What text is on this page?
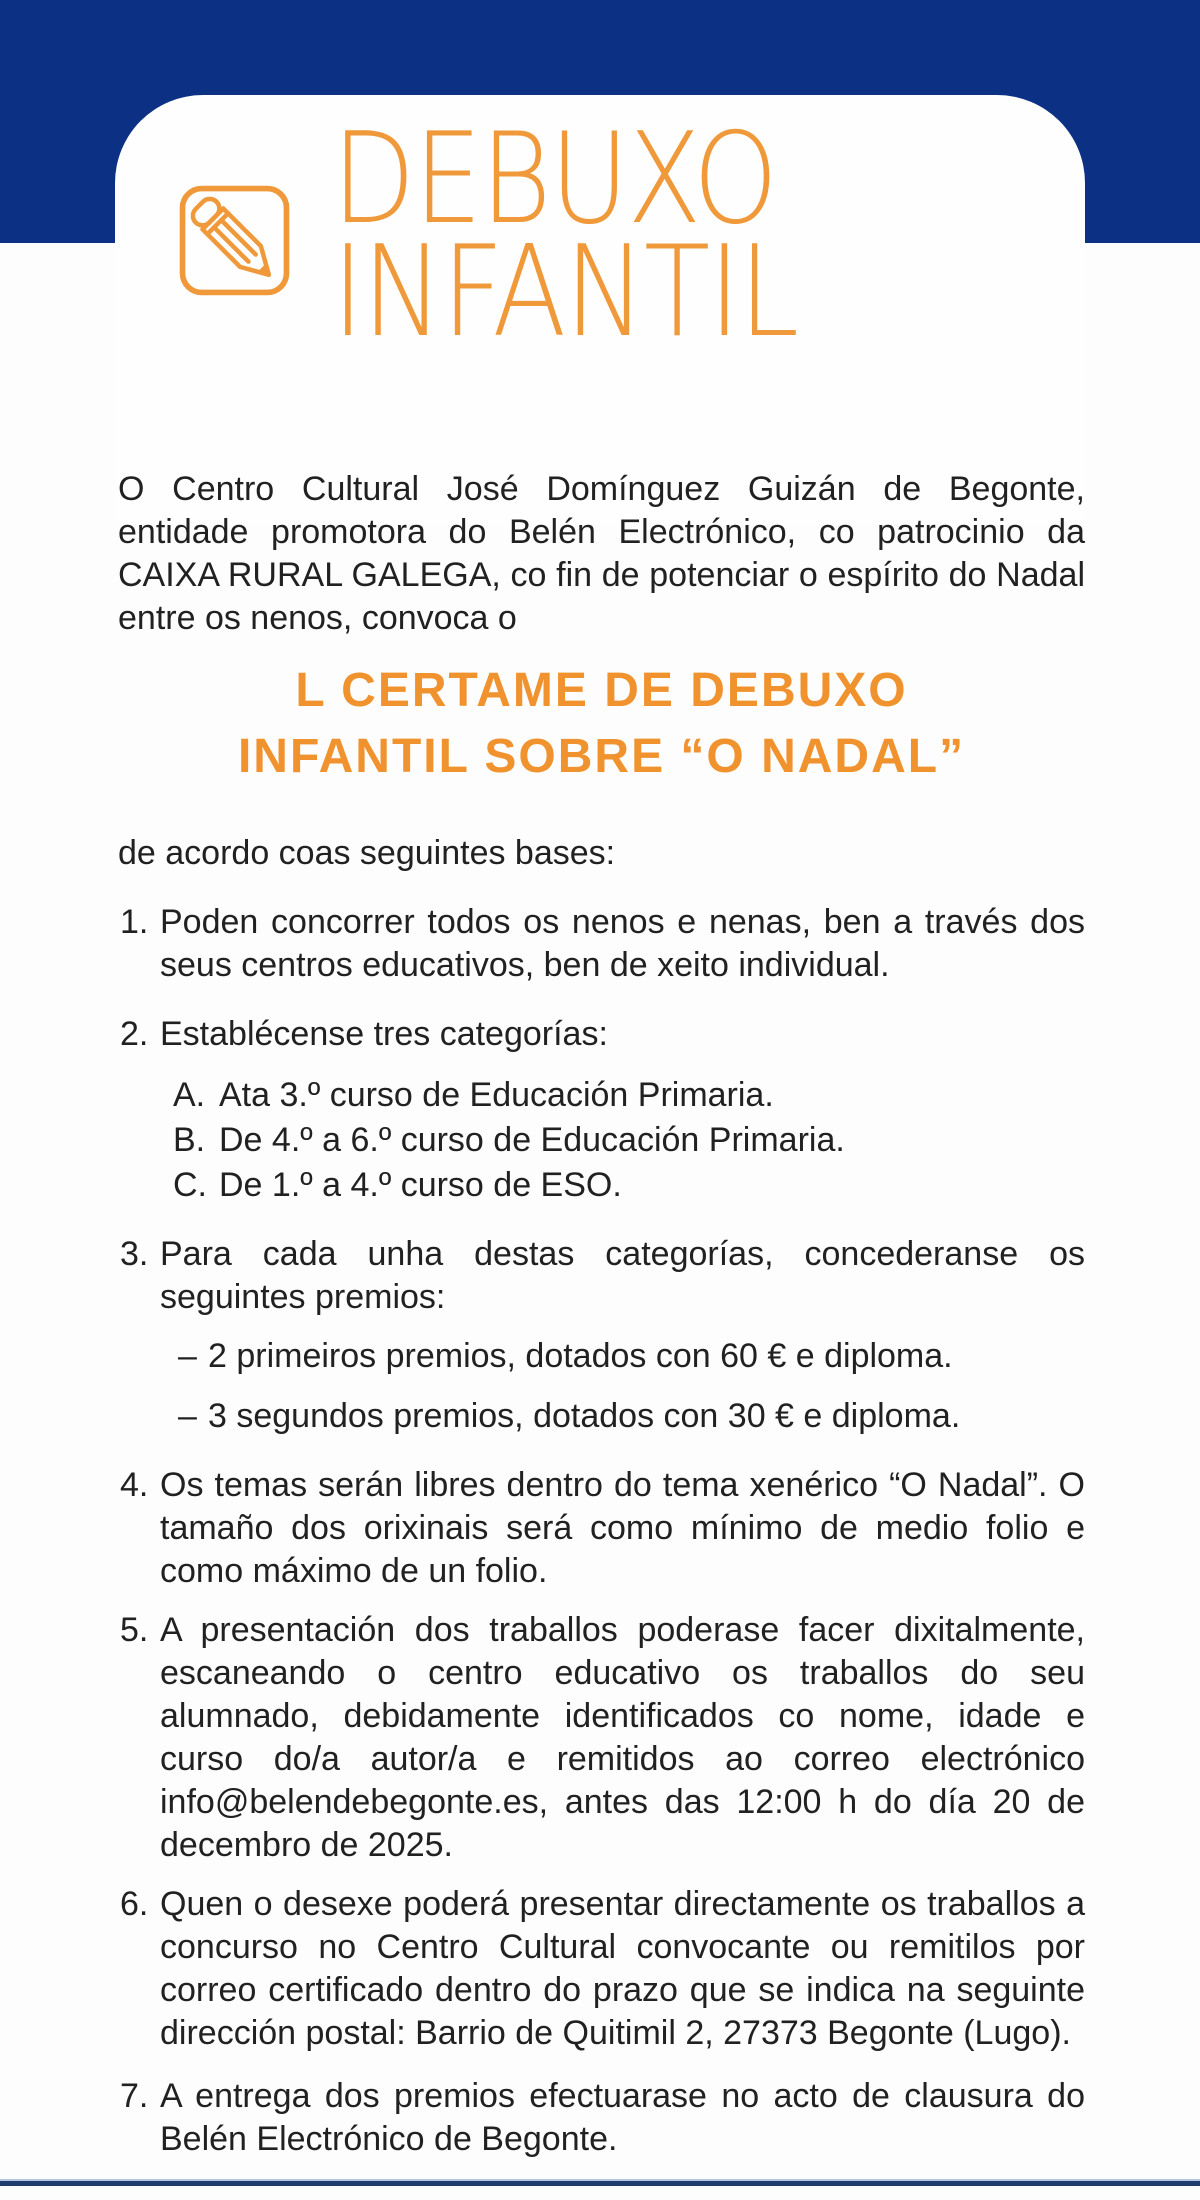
DEBUXO
INFANTIL

O Centro Cultural José Domínguez Guizán de Begonte, entidade promotora do Belén Electrónico, co patrocinio da CAIXA RURAL GALEGA, co fin de potenciar o espírito do Nadal entre os nenos, convoca o

L CERTAME DE DEBUXO
INFANTIL SOBRE “O NADAL”

de acordo coas seguintes bases:

1. Poden concorrer todos os nenos e nenas, ben a través dos seus centros educativos, ben de xeito individual.
2. Establécense tres categorías:
A. Ata 3.º curso de Educación Primaria.
B. De 4.º a 6.º curso de Educación Primaria.
C. De 1.º a 4.º curso de ESO.
3. Para cada unha destas categorías, concederanse os seguintes premios:
– 2 primeiros premios, dotados con 60 € e diploma.
– 3 segundos premios, dotados con 30 € e diploma.
4. Os temas serán libres dentro do tema xenérico “O Nadal”. O tamaño dos orixinais será como mínimo de medio folio e como máximo de un folio.
5. A presentación dos traballos poderase facer dixitalmente, escaneando o centro educativo os traballos do seu alumnado, debidamente identificados co nome, idade e curso do/a autor/a e remitidos ao correo electrónico info@belendebegonte.es, antes das 12:00 h do día 20 de decembro de 2025.
6. Quen o desexe poderá presentar directamente os traballos a concurso no Centro Cultural convocante ou remitilos por correo certificado dentro do prazo que se indica na seguinte dirección postal: Barrio de Quitimil 2, 27373 Begonte (Lugo).
7. A entrega dos premios efectuarase no acto de clausura do Belén Electrónico de Begonte.
